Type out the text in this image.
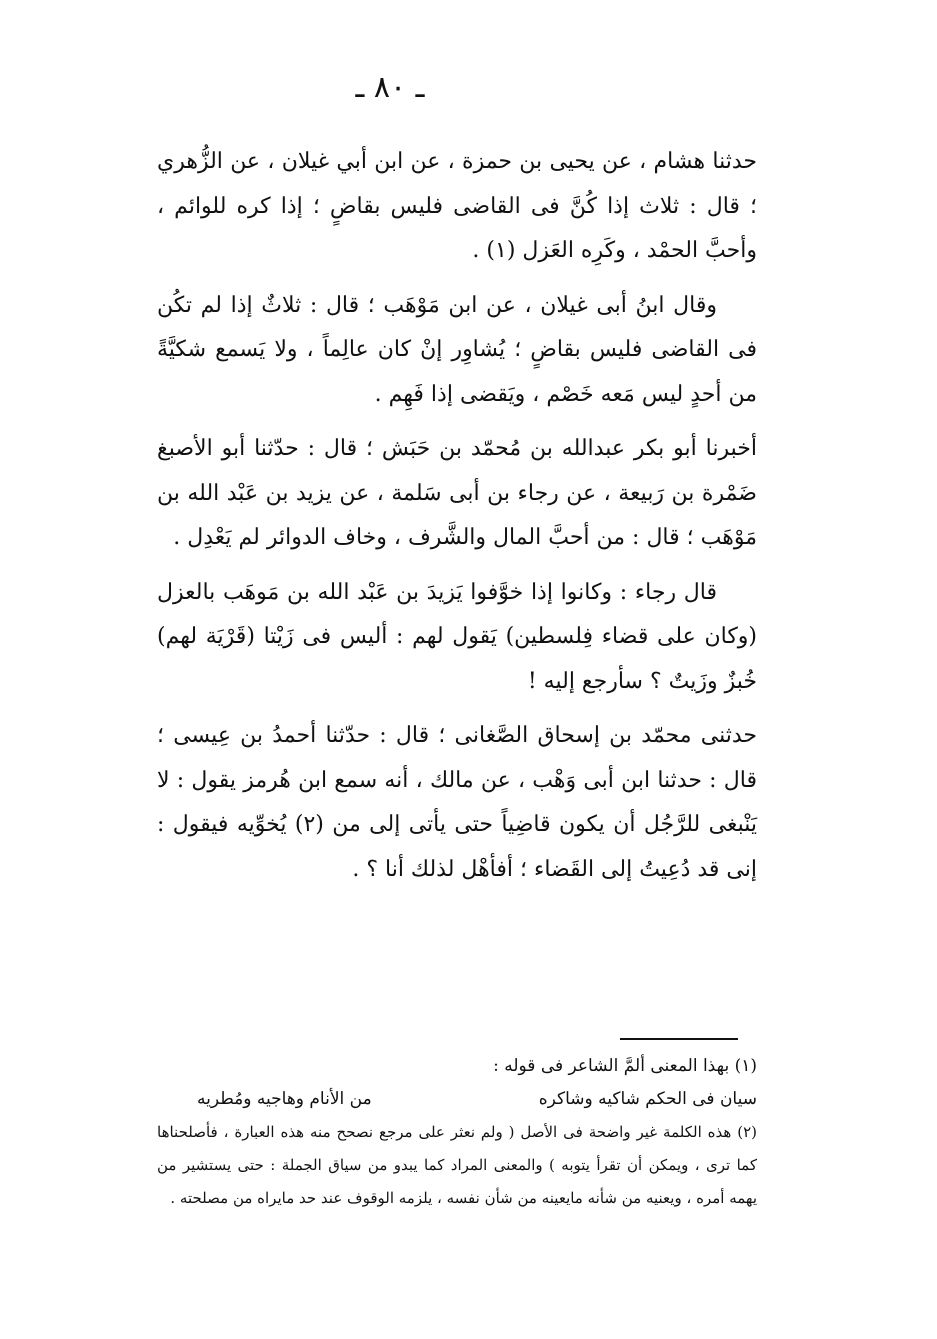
ـ ٨٠ ـ

حدثنا هشام ، عن يحيى بن حمزة ، عن ابن أبي غيلان ، عن الزُّهري ؛ قال : ثلاث إذا كُنَّ فى القاضى فليس بقاضٍ ؛ إذا كره للوائم ، وأحبَّ الحمْد ، وكَرِه العَزل (١) .

وقال ابنُ أبى غيلان ، عن ابن مَوْهَب ؛ قال : ثلاثٌ إذا لم تكُن فى القاضى فليس بقاضٍ ؛ يُشاوِر إنْ كان عالِماً ، ولا يَسمع شكيَّةً من أحدٍ ليس مَعه خَصْم ، ويَقضى إذا فَهِم .

أخبرنا أبو بكر عبدالله بن مُحمّد بن حَبَش ؛ قال : حدّثنا أبو الأصبغ ضَمْرة بن رَبيعة ، عن رجاء بن أبى سَلمة ، عن يزيد بن عَبْد الله بن مَوْهَب ؛ قال : من أحبَّ المال والشَّرف ، وخاف الدوائر لم يَعْدِل .

قال رجاء : وكانوا إذا خوَّفوا يَزيدَ بن عَبْد الله بن مَوهَب بالعزل (وكان على قضاء فِلسطين) يَقول لهم : أليس فى زَيْتا (قَرْيَة لهم) خُبزٌ وزَيتٌ ؟ سأرجع إليه !

حدثنى محمّد بن إسحاق الصَّغانى ؛ قال : حدّثنا أحمدُ بن عِيسى ؛ قال : حدثنا ابن أبى وَهْب ، عن مالك ، أنه سمع ابن هُرمز يقول : لا يَنْبغى للرَّجُل أن يكون قاضِياً حتى يأتى إلى من (٢) يُخوِّيه فيقول : إنى قد دُعِيتُ إلى القَضاء ؛ أفأهْل لذلك أنا ؟ .

(١) بهذا المعنى ألمَّ الشاعر فى قوله :

سيان فى الحكم شاكيه وشاكره
من الأنام وهاجيه ومُطريه

(٢) هذه الكلمة غير واضحة فى الأصل ( ولم نعثر على مرجع نصحح منه هذه العبارة ، فأصلحناها كما ترى ، ويمكن أن تقرأ يتوبه ) والمعنى المراد كما يبدو من سياق الجملة : حتى يستشير من يهمه أمره ، ويعنيه من شأنه مايعينه من شأن نفسه ، يلزمه الوقوف عند حد مايراه من مصلحته .
